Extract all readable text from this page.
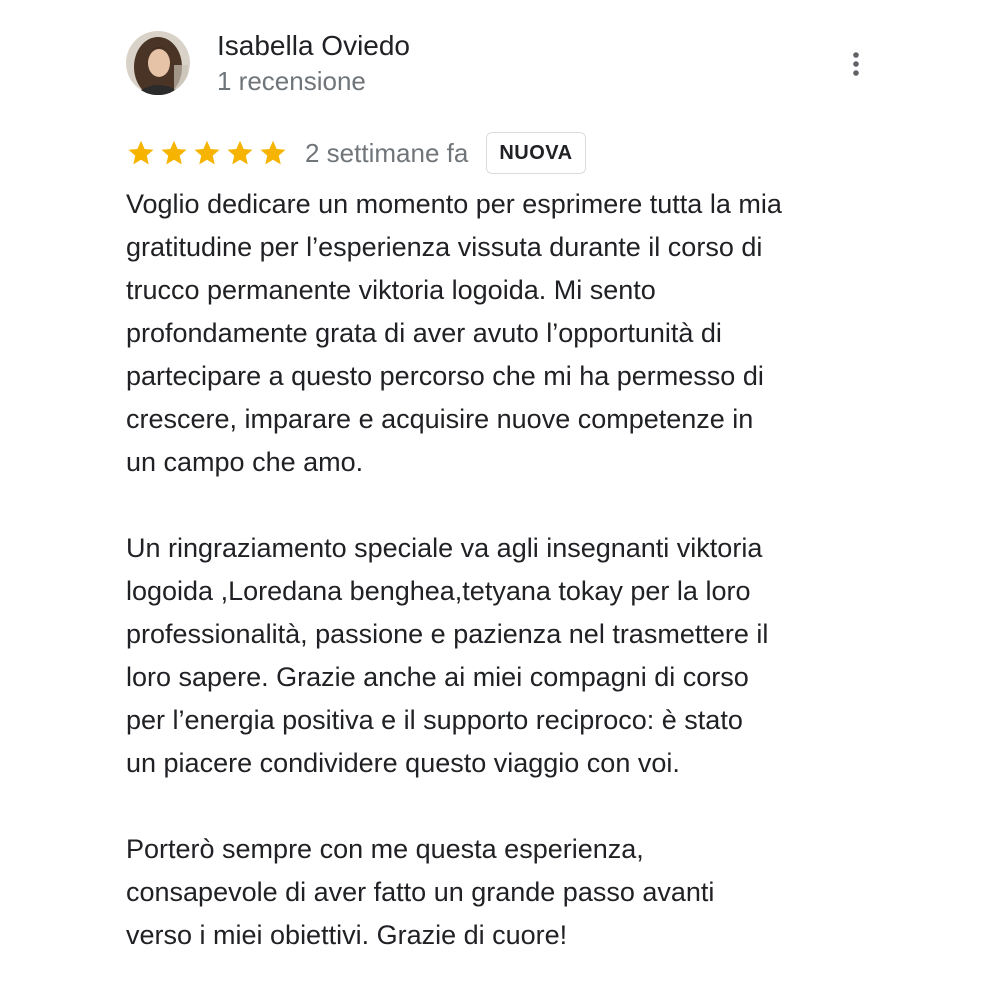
Isabella Oviedo
1 recensione
2 settimane fa	NUOVA

Voglio dedicare un momento per esprimere tutta la mia
gratitudine per l’esperienza vissuta durante il corso di
trucco permanente viktoria logoida. Mi sento
profondamente grata di aver avuto l’opportunità di
partecipare a questo percorso che mi ha permesso di
crescere, imparare e acquisire nuove competenze in
un campo che amo.

Un ringraziamento speciale va agli insegnanti viktoria
logoida ,Loredana benghea,tetyana tokay per la loro
professionalità, passione e pazienza nel trasmettere il
loro sapere. Grazie anche ai miei compagni di corso
per l’energia positiva e il supporto reciproco: è stato
un piacere condividere questo viaggio con voi.

Porterò sempre con me questa esperienza,
consapevole di aver fatto un grande passo avanti
verso i miei obiettivi. Grazie di cuore!
